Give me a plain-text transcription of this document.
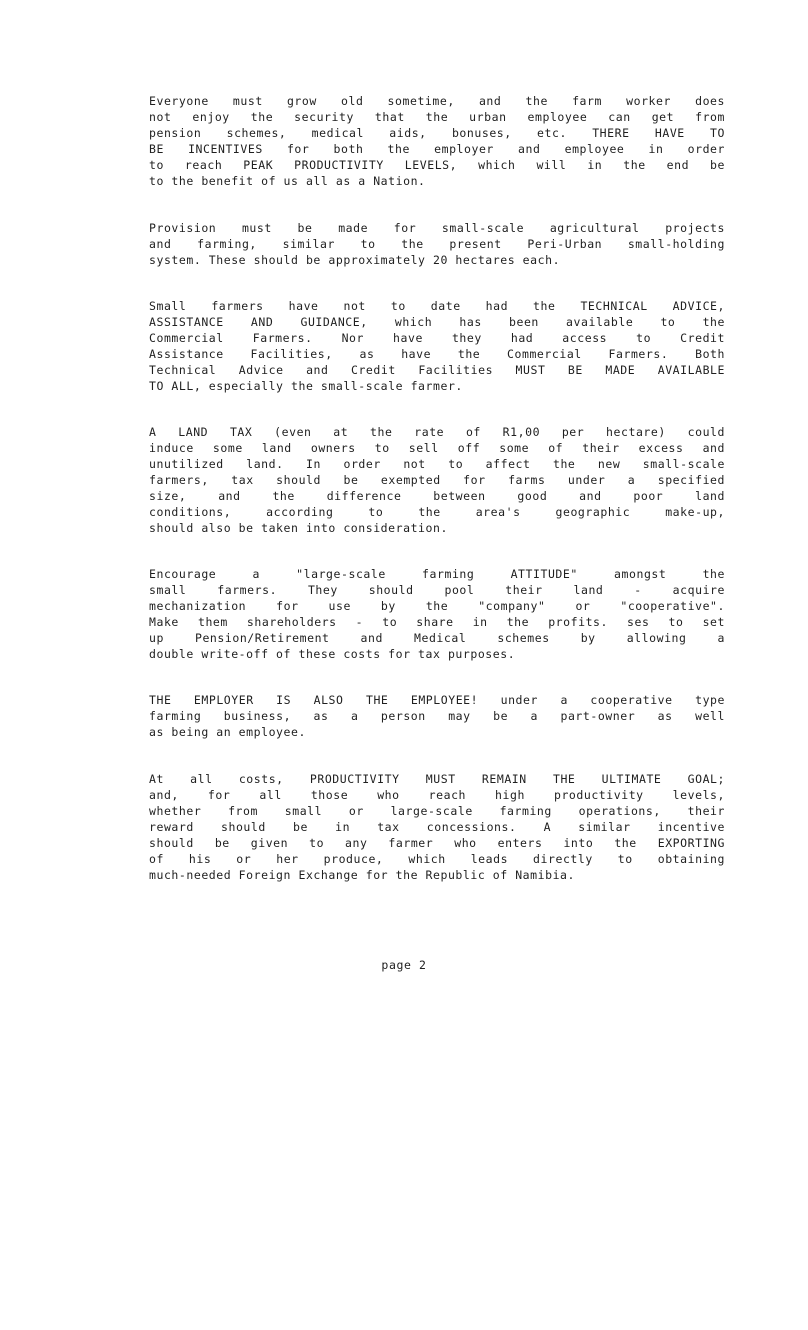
Everyone must grow old sometime, and the farm worker does
not enjoy the security that the urban employee can get from
pension schemes, medical aids, bonuses, etc. THERE HAVE TO
BE INCENTIVES for both the employer and employee in order
to reach PEAK PRODUCTIVITY LEVELS, which will in the end be
to the benefit of us all as a Nation.

Provision must be made for small-scale agricultural projects
and farming, similar to the present Peri-Urban small-holding
system. These should be approximately 20 hectares each.

Small farmers have not to date had the TECHNICAL ADVICE,
ASSISTANCE AND GUIDANCE, which has been available to the
Commercial Farmers. Nor have they had access to Credit
Assistance Facilities, as have the Commercial Farmers. Both
Technical Advice and Credit Facilities MUST BE MADE AVAILABLE
TO ALL, especially the small-scale farmer.

A LAND TAX (even at the rate of R1,00 per hectare) could
induce some land owners to sell off some of their excess and
unutilized land. In order not to affect the new small-scale
farmers, tax should be exempted for farms under a specified
size, and the difference between good and poor land
conditions, according to the area's geographic make-up,
should also be taken into consideration.

Encourage a "large-scale farming ATTITUDE" amongst the
small farmers. They should pool their land - acquire
mechanization for use by the "company" or "cooperative".
Make them shareholders - to share in the profits. ses to set
up Pension/Retirement and Medical schemes by allowing a
double write-off of these costs for tax purposes.

THE EMPLOYER IS ALSO THE EMPLOYEE! under a cooperative type
farming business, as a person may be a part-owner as well
as being an employee.

At all costs, PRODUCTIVITY MUST REMAIN THE ULTIMATE GOAL;
and, for all those who reach high productivity levels,
whether from small or large-scale farming operations, their
reward should be in tax concessions. A similar incentive
should be given to any farmer who enters into the EXPORTING
of his or her produce, which leads directly to obtaining
much-needed Foreign Exchange for the Republic of Namibia.

page 2
